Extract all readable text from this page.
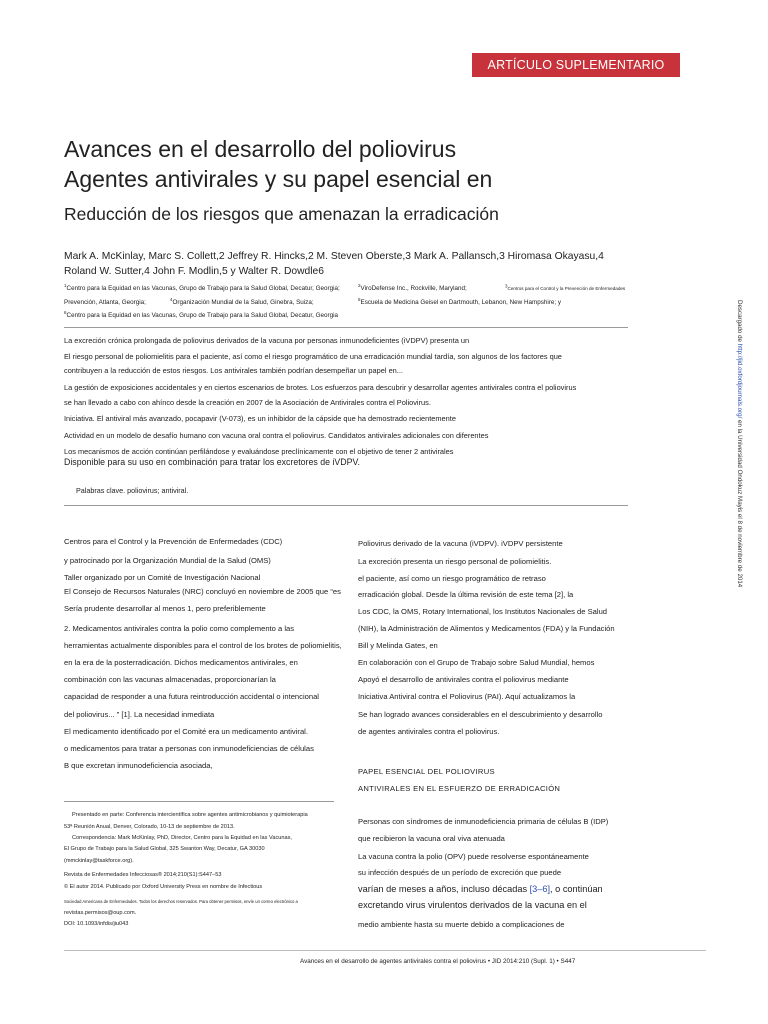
ARTÍCULO SUPLEMENTARIO
Avances en el desarrollo del poliovirus
Agentes antivirales y su papel esencial en
Reducción de los riesgos que amenazan la erradicación
Mark A. McKinlay, Marc S. Collett,2 Jeffrey R. Hincks,2 M. Steven Oberste,3 Mark A. Pallansch,3 Hiromasa Okayasu,4
Roland W. Sutter,4 John F. Modlin,5 y Walter R. Dowdle6
$^1$Centro para la Equidad en las Vacunas, Grupo de Trabajo para la Salud Global, Decatur, Georgia;	$^2$ViroDefense Inc., Rockville, Maryland;	$^3$Centros para el Control y la Prevención de Enfermedades
Prevención, Atlanta, Georgia;	$^4$Organización Mundial de la Salud, Ginebra, Suiza;	$^5$Escuela de Medicina Geisel en Dartmouth, Lebanon, New Hampshire; y
$^6$Centro para la Equidad en las Vacunas, Grupo de Trabajo para la Salud Global, Decatur, Georgia
La excreción crónica prolongada de poliovirus derivados de la vacuna por personas inmunodeficientes (iVDPV) presenta un
El riesgo personal de poliomielitis para el paciente, así como el riesgo programático de una erradicación mundial tardía, son algunos de los factores que
contribuyen a la reducción de estos riesgos. Los antivirales también podrían desempeñar un papel en...
La gestión de exposiciones accidentales y en ciertos escenarios de brotes. Los esfuerzos para descubrir y desarrollar agentes antivirales contra el poliovirus
se han llevado a cabo con ahínco desde la creación en 2007 de la Asociación de Antivirales contra el Poliovirus.
Iniciativa. El antiviral más avanzado, pocapavir (V-073), es un inhibidor de la cápside que ha demostrado recientemente
Actividad en un modelo de desafío humano con vacuna oral contra el poliovirus. Candidatos antivirales adicionales con diferentes
Los mecanismos de acción continúan perfilándose y evaluándose preclínicamente con el objetivo de tener 2 antivirales
Disponible para su uso en combinación para tratar los excretores de iVDPV.
Palabras clave. poliovirus; antiviral.
Centros para el Control y la Prevención de Enfermedades (CDC)
y patrocinado por la Organización Mundial de la Salud (OMS)
Taller organizado por un Comité de Investigación Nacional
El Consejo de Recursos Naturales (NRC) concluyó en noviembre de 2005 que “es
Sería prudente desarrollar al menos 1, pero preferiblemente
2. Medicamentos antivirales contra la polio como complemento a las
herramientas actualmente disponibles para el control de los brotes de poliomielitis,
en la era de la posterradicación. Dichos medicamentos antivirales, en
combinación con las vacunas almacenadas, proporcionarían la
capacidad de responder a una futura reintroducción accidental o intencional
del poliovirus... ” [1]. La necesidad inmediata
El medicamento identificado por el Comité era un medicamento antiviral.
o medicamentos para tratar a personas con inmunodeficiencias de células
B que excretan inmunodeficiencia asociada,
Poliovirus derivado de la vacuna (iVDPV). iVDPV persistente
La excreción presenta un riesgo personal de poliomielitis.
el paciente, así como un riesgo programático de retraso
erradicación global. Desde la última revisión de este tema [2], la
Los CDC, la OMS, Rotary International, los Institutos Nacionales de Salud
(NIH), la Administración de Alimentos y Medicamentos (FDA) y la Fundación
Bill y Melinda Gates, en
En colaboración con el Grupo de Trabajo sobre Salud Mundial, hemos
Apoyó el desarrollo de antivirales contra el poliovirus mediante
Iniciativa Antiviral contra el Poliovirus (PAI). Aquí actualizamos la
Se han logrado avances considerables en el descubrimiento y desarrollo
de agentes antivirales contra el poliovirus.
PAPEL ESENCIAL DEL POLIOVIRUS
ANTIVIRALES EN EL ESFUERZO DE ERRADICACIÓN
Personas con síndromes de inmunodeficiencia primaria de células B (IDP)
que recibieron la vacuna oral viva atenuada
La vacuna contra la polio (OPV) puede resolverse espontáneamente
su infección después de un período de excreción que puede
varían de meses a años, incluso décadas [3–6], o continúan
excretando virus virulentos derivados de la vacuna en el
medio ambiente hasta su muerte debido a complicaciones de
Presentado en parte: Conferencia intercientífica sobre agentes antimicrobianos y quimioterapia
53ª Reunión Anual, Denver, Colorado, 10-13 de septiembre de 2013.
Correspondencia: Mark McKinlay, PhD, Director, Centro para la Equidad en las Vacunas,
El Grupo de Trabajo para la Salud Global, 325 Swanton Way, Decatur, GA 30030
(mmckinlay@taskforce.org).
Revista de Enfermedades Infecciosas® 2014;210(S1):S447–53
© El autor 2014. Publicado por Oxford University Press en nombre de Infectious
Sociedad Americana de Enfermedades. Todos los derechos reservados. Para obtener permisos, envíe un correo electrónico a
revistas.permisos@oup.com.
DOI: 10.1093/infdis/jiu043
Descargado de http://jid.oxfordjournals.org/ en la Universidad Ondokuz Mayis el 8 de noviembre de 2014
Avances en el desarrollo de agentes antivirales contra el poliovirus • JID 2014:210 (Supl. 1) • S447
